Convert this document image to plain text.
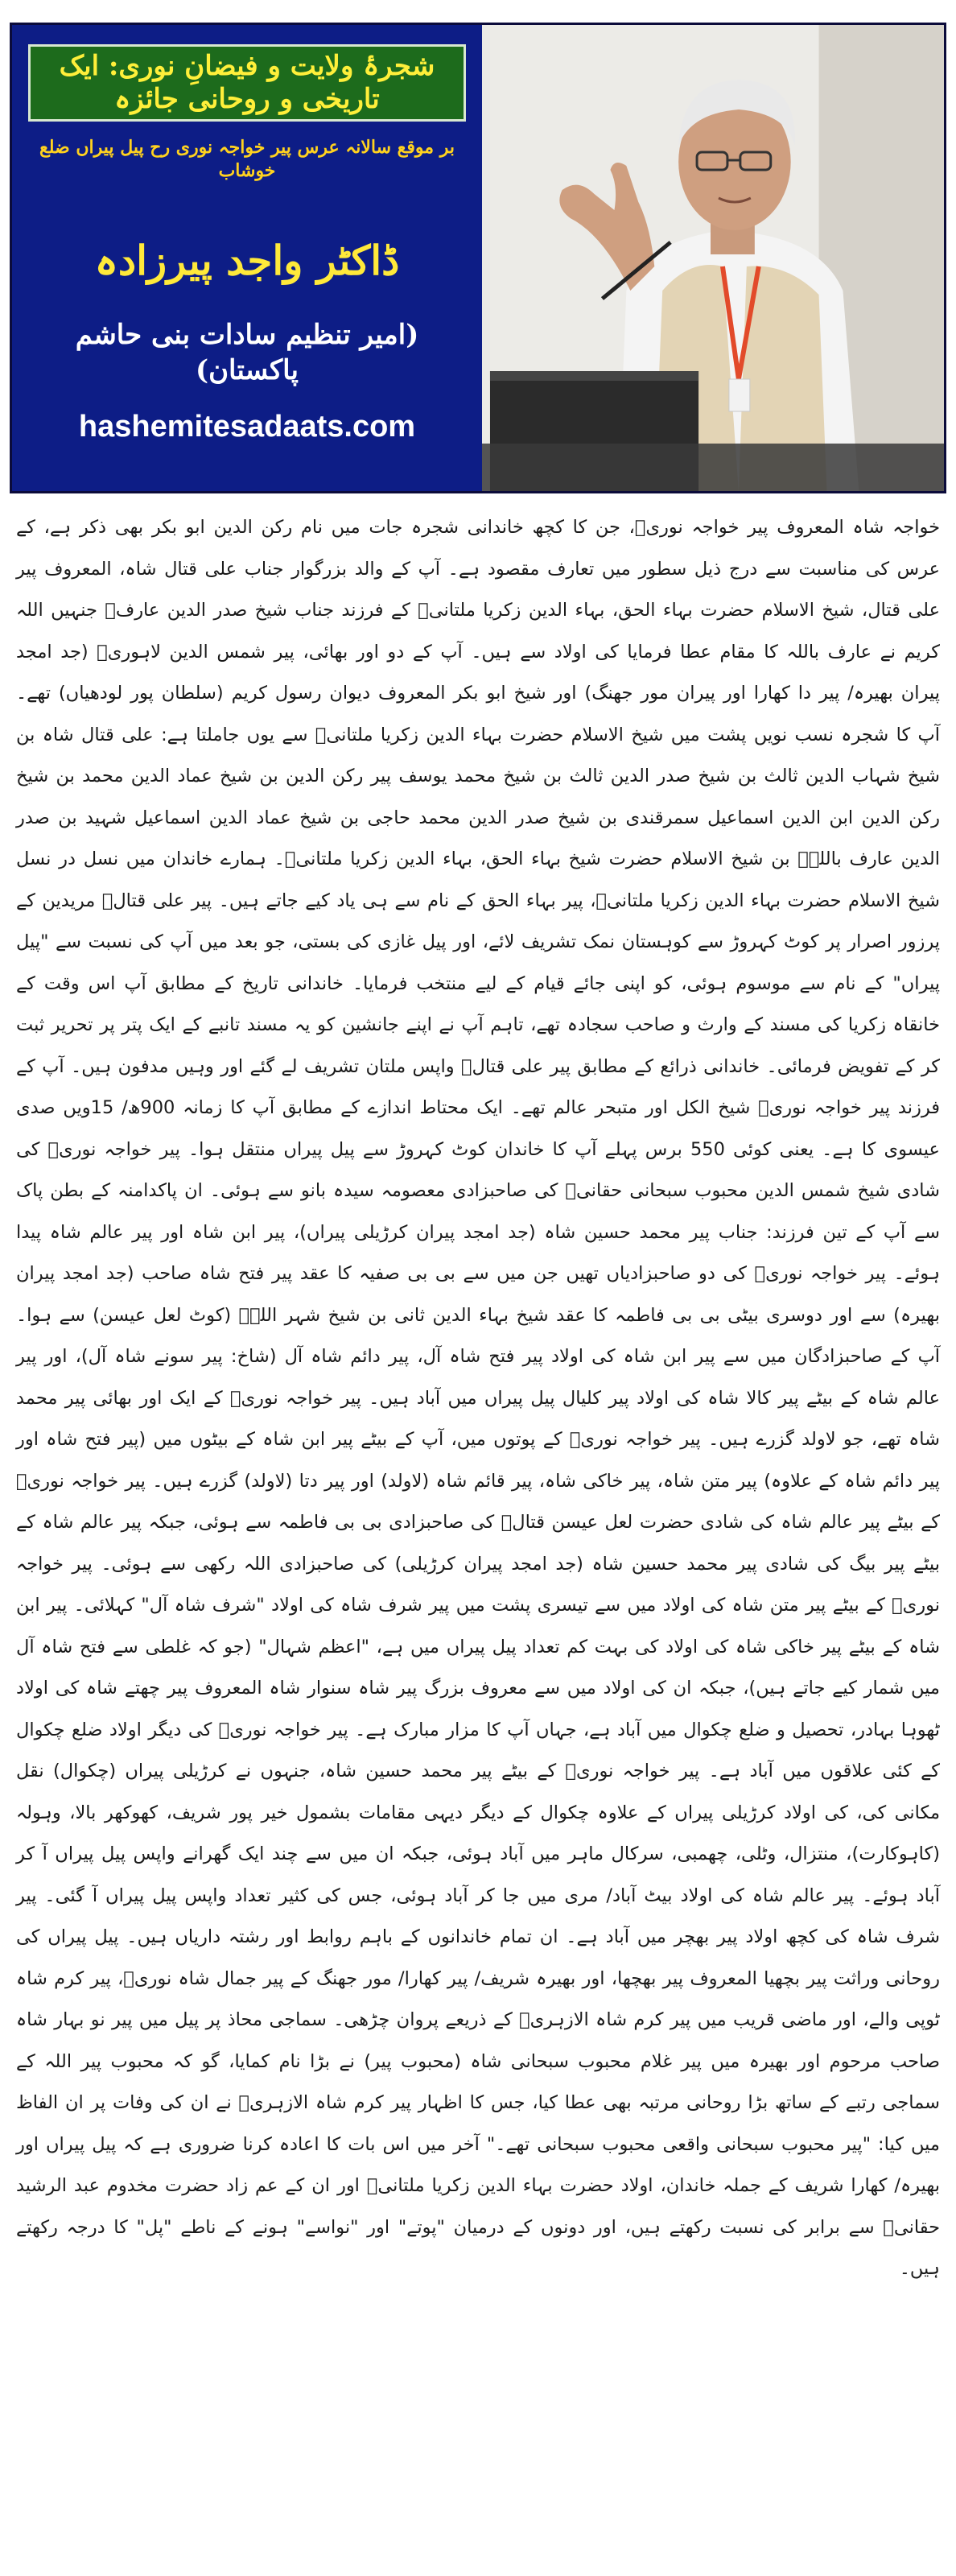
شجرۂ ولایت و فیضانِ نوری: ایک تاریخی و روحانی جائزہ
بر موقع سالانہ عرس پیر خواجہ نوری رح پیل پیراں ضلع خوشاب
ڈاکٹر واجد پیرزادہ
(امیر تنظیم سادات بنی حاشم پاکستان)
hashemitesadaats.com

خواجہ شاہ المعروف پیر خواجہ نوریؒ، جن کا کچھ خاندانی شجرہ جات میں نام رکن الدین ابو بکر بھی ذکر ہے، کے عرس کی مناسبت سے درج ذیل سطور میں تعارف مقصود ہے۔ آپ کے والد بزرگوار جناب علی قتال شاہ، المعروف پیر علی قتال، شیخ الاسلام حضرت بہاء الحق، بہاء الدین زکریا ملتانیؒ کے فرزند جناب شیخ صدر الدین عارفؒ جنہیں اللہ کریم نے عارف باللہ کا مقام عطا فرمایا کی اولاد سے ہیں۔ آپ کے دو اور بھائی، پیر شمس الدین لاہوریؒ (جد امجد پیران بھیرہ/ پیر دا کھارا اور پیران مور جھنگ) اور شیخ ابو بکر المعروف دیوان رسول کریم (سلطان پور لودھیاں) تھے۔ آپ کا شجرہ نسب نویں پشت میں شیخ الاسلام حضرت بہاء الدین زکریا ملتانیؒ سے یوں جاملتا ہے: علی قتال شاہ بن شیخ شہاب الدین ثالث بن شیخ صدر الدین ثالث بن شیخ محمد یوسف پیر رکن الدین بن شیخ عماد الدین محمد بن شیخ رکن الدین ابن الدین اسماعیل سمرقندی بن شیخ صدر الدین محمد حاجی بن شیخ عماد الدین اسماعیل شہید بن صدر الدین عارف باللہؒ بن شیخ الاسلام حضرت شیخ بہاء الحق، بہاء الدین زکریا ملتانیؒ۔ ہمارے خاندان میں نسل در نسل شیخ الاسلام حضرت بہاء الدین زکریا ملتانیؒ، پیر بہاء الحق کے نام سے ہی یاد کیے جاتے ہیں۔ پیر علی قتالؒ مریدین کے پرزور اصرار پر کوٹ کہروڑ سے کوہستان نمک تشریف لائے، اور پیل غازی کی بستی، جو بعد میں آپ کی نسبت سے "پیل پیراں" کے نام سے موسوم ہوئی، کو اپنی جائے قیام کے لیے منتخب فرمایا۔ خاندانی تاریخ کے مطابق آپ اس وقت کے خانقاہ زکریا کی مسند کے وارث و صاحب سجادہ تھے، تاہم آپ نے اپنے جانشین کو یہ مسند تانبے کے ایک پتر پر تحریر ثبت کر کے تفویض فرمائی۔ خاندانی ذرائع کے مطابق پیر علی قتالؒ واپس ملتان تشریف لے گئے اور وہیں مدفون ہیں۔ آپ کے فرزند پیر خواجہ نوریؒ شیخ الکل اور متبحر عالم تھے۔ ایک محتاط اندازے کے مطابق آپ کا زمانہ 900ھ/ 15ویں صدی عیسوی کا ہے۔ یعنی کوئی 550 برس پہلے آپ کا خاندان کوٹ کہروڑ سے پیل پیراں منتقل ہوا۔ پیر خواجہ نوریؒ کی شادی شیخ شمس الدین محبوب سبحانی حقانیؒ کی صاحبزادی معصومہ سیدہ بانو سے ہوئی۔ ان پاکدامنہ کے بطن پاک سے آپ کے تین فرزند: جناب پیر محمد حسین شاہ (جد امجد پیران کرڑیلی پیراں)، پیر ابن شاہ اور پیر عالم شاہ پیدا ہوئے۔ پیر خواجہ نوریؒ کی دو صاحبزادیاں تھیں جن میں سے بی بی صفیہ کا عقد پیر فتح شاہ صاحب (جد امجد پیران بھیرہ) سے اور دوسری بیٹی بی بی فاطمہ کا عقد شیخ بہاء الدین ثانی بن شیخ شہر اللہؒ (کوٹ لعل عیسن) سے ہوا۔ آپ کے صاحبزادگان میں سے پیر ابن شاہ کی اولاد پیر فتح شاہ آل، پیر دائم شاہ آل (شاخ: پیر سونے شاہ آل)، اور پیر عالم شاہ کے بیٹے پیر کالا شاہ کی اولاد پیر کلیال پیل پیراں میں آباد ہیں۔ پیر خواجہ نوریؒ کے ایک اور بھائی پیر محمد شاہ تھے، جو لاولد گزرے ہیں۔ پیر خواجہ نوریؒ کے پوتوں میں، آپ کے بیٹے پیر ابن شاہ کے بیٹوں میں (پیر فتح شاہ اور پیر دائم شاہ کے علاوہ) پیر متن شاہ، پیر خاکی شاہ، پیر قائم شاہ (لاولد) اور پیر دتا (لاولد) گزرے ہیں۔ پیر خواجہ نوریؒ کے بیٹے پیر عالم شاہ کی شادی حضرت لعل عیسن قتالؒ کی صاحبزادی بی بی فاطمہ سے ہوئی، جبکہ پیر عالم شاہ کے بیٹے پیر بیگ کی شادی پیر محمد حسین شاہ (جد امجد پیران کرڑیلی) کی صاحبزادی اللہ رکھی سے ہوئی۔ پیر خواجہ نوریؒ کے بیٹے پیر متن شاہ کی اولاد میں سے تیسری پشت میں پیر شرف شاہ کی اولاد "شرف شاہ آل" کہلائی۔ پیر ابن شاہ کے بیٹے پیر خاکی شاہ کی اولاد کی بہت کم تعداد پیل پیراں میں ہے، "اعظم شہال" (جو کہ غلطی سے فتح شاہ آل میں شمار کیے جاتے ہیں)، جبکہ ان کی اولاد میں سے معروف بزرگ پیر شاہ سنوار شاہ المعروف پیر چھتے شاہ کی اولاد ٹھوہا بہادر، تحصیل و ضلع چکوال میں آباد ہے، جہاں آپ کا مزار مبارک ہے۔ پیر خواجہ نوریؒ کی دیگر اولاد ضلع چکوال کے کئی علاقوں میں آباد ہے۔ پیر خواجہ نوریؒ کے بیٹے پیر محمد حسین شاہ، جنہوں نے کرڑیلی پیراں (چکوال) نقل مکانی کی، کی اولاد کرڑیلی پیراں کے علاوہ چکوال کے دیگر دیہی مقامات بشمول خیر پور شریف، کھوکھر بالا، وہولہ (کاہوکارت)، منتزال، وٹلی، چھمبی، سرکال ماہر میں آباد ہوئی، جبکہ ان میں سے چند ایک گھرانے واپس پیل پیراں آ کر آباد ہوئے۔ پیر عالم شاہ کی اولاد بیٹ آباد/ مری میں جا کر آباد ہوئی، جس کی کثیر تعداد واپس پیل پیراں آ گئی۔ پیر شرف شاہ کی کچھ اولاد پیر بھچر میں آباد ہے۔ ان تمام خاندانوں کے باہم روابط اور رشتہ داریاں ہیں۔ پیل پیراں کی روحانی وراثت پیر بچھیا المعروف پیر بھچھا، اور بھیرہ شریف/ پیر کھارا/ مور جھنگ کے پیر جمال شاہ نوریؒ، پیر کرم شاہ ٹوپی والے، اور ماضی قریب میں پیر کرم شاہ الازہریؒ کے ذریعے پروان چڑھی۔ سماجی محاذ پر پیل میں پیر نو بہار شاہ صاحب مرحوم اور بھیرہ میں پیر غلام محبوب سبحانی شاہ (محبوب پیر) نے بڑا نام کمایا، گو کہ محبوب پیر اللہ کے سماجی رتبے کے ساتھ بڑا روحانی مرتبہ بھی عطا کیا، جس کا اظہار پیر کرم شاہ الازہریؒ نے ان کی وفات پر ان الفاظ میں کیا: "پیر محبوب سبحانی واقعی محبوب سبحانی تھے۔" آخر میں اس بات کا اعادہ کرنا ضروری ہے کہ پیل پیراں اور بھیرہ/ کھارا شریف کے جملہ خاندان، اولاد حضرت بہاء الدین زکریا ملتانیؒ اور ان کے عم زاد حضرت مخدوم عبد الرشید حقانیؒ سے برابر کی نسبت رکھتے ہیں، اور دونوں کے درمیان "پوتے" اور "نواسے" ہونے کے ناطے "پل" کا درجہ رکھتے ہیں۔
